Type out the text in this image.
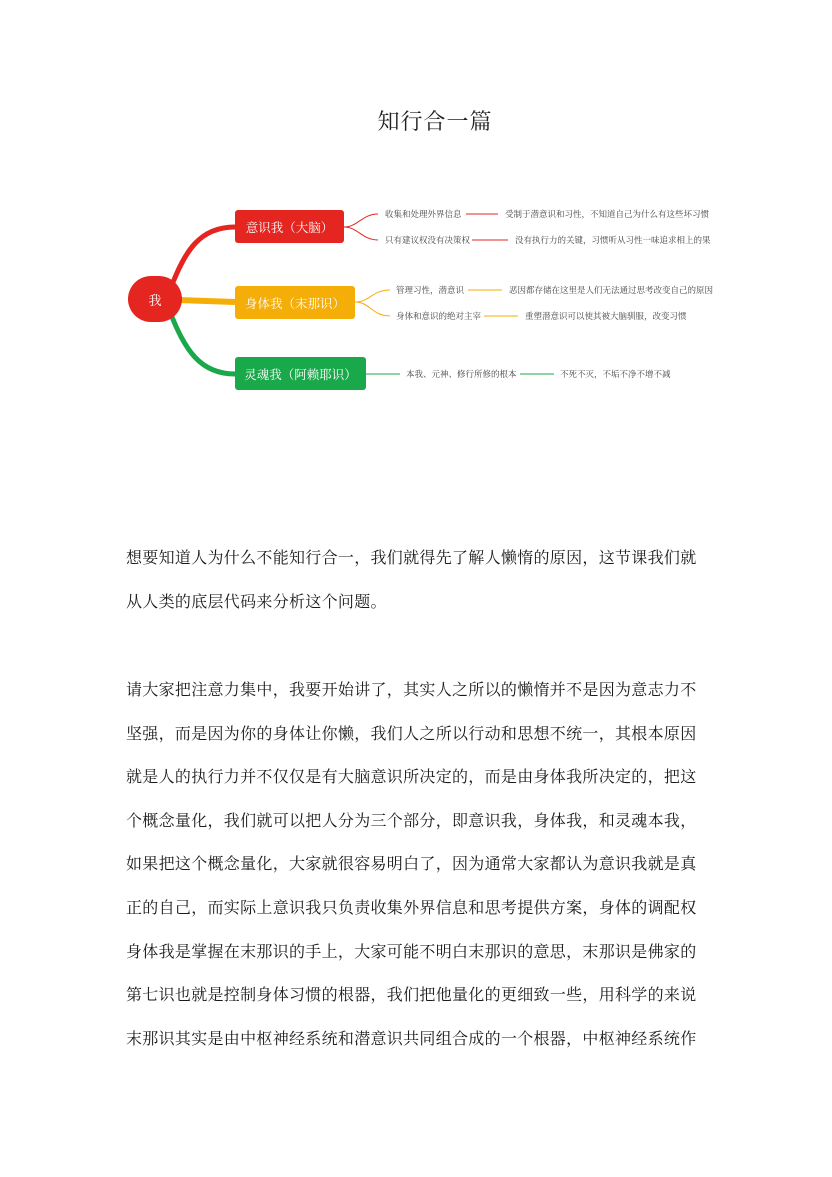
知行合一篇
我
意识我（大脑）
身体我（末那识）
灵魂我（阿赖耶识）
收集和处理外界信息	受制于潜意识和习性，不知道自己为什么有这些坏习惯
只有建议权没有决策权	没有执行力的关键，习惯听从习性一味追求相上的果
管理习性，潜意识	恶因都存储在这里是人们无法通过思考改变自己的原因
身体和意识的绝对主宰	重塑潜意识可以使其被大脑驯服，改变习惯
本我、元神、修行所修的根本	不死不灭，不垢不净不增不减

想要知道人为什么不能知行合一，我们就得先了解人懒惰的原因，这节课我们就

从人类的底层代码来分析这个问题。

请大家把注意力集中，我要开始讲了，其实人之所以的懒惰并不是因为意志力不

坚强，而是因为你的身体让你懒，我们人之所以行动和思想不统一，其根本原因

就是人的执行力并不仅仅是有大脑意识所决定的，而是由身体我所决定的，把这

个概念量化，我们就可以把人分为三个部分，即意识我，身体我，和灵魂本我，

如果把这个概念量化，大家就很容易明白了，因为通常大家都认为意识我就是真

正的自己，而实际上意识我只负责收集外界信息和思考提供方案，身体的调配权

身体我是掌握在末那识的手上，大家可能不明白末那识的意思，末那识是佛家的

第七识也就是控制身体习惯的根器，我们把他量化的更细致一些，用科学的来说

末那识其实是由中枢神经系统和潜意识共同组合成的一个根器，中枢神经系统作
